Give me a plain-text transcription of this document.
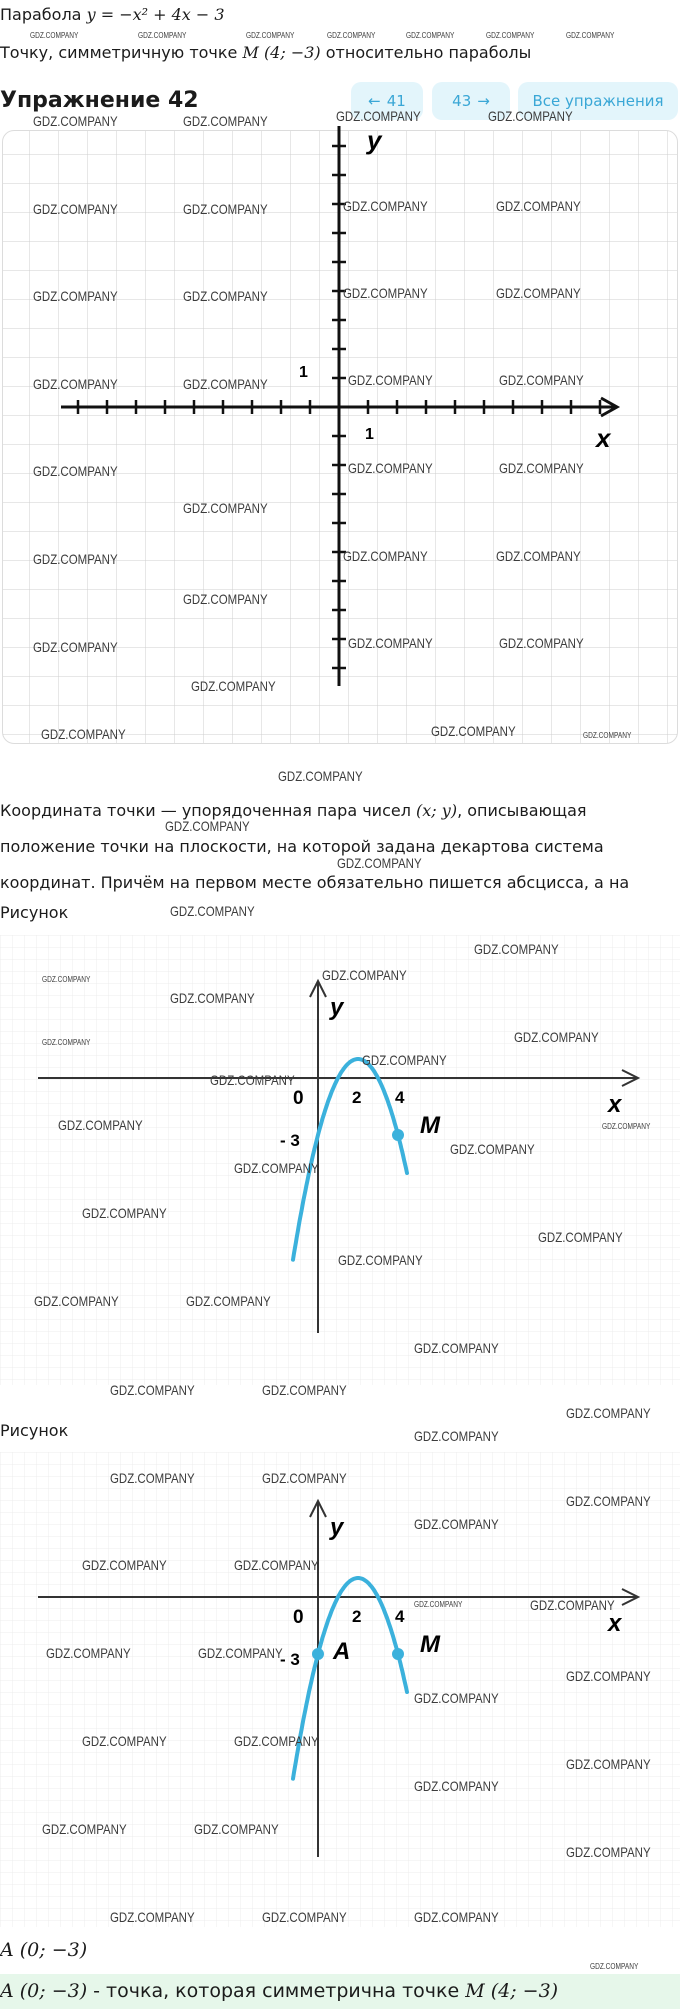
Парабола y = −x² + 4x − 3
GDZ.COMPANY	GDZ.COMPANY	GDZ.COMPANY	GDZ.COMPANY	GDZ.COMPANY	GDZ.COMPANY	GDZ.COMPANY
Точку, симметричную точке M (4; −3) относительно параболы
Упражнение 42	← 41	43 →	Все упражнения
1
1	x
y
GDZ.COMPANY	GDZ.COMPANY	GDZ.COMPANY	GDZ.COMPANY
GDZ.COMPANY	GDZ.COMPANY	GDZ.COMPANY	GDZ.COMPANY
GDZ.COMPANY	GDZ.COMPANY	GDZ.COMPANY	GDZ.COMPANY
GDZ.COMPANY	GDZ.COMPANY	GDZ.COMPANY	GDZ.COMPANY
GDZ.COMPANY	GDZ.COMPANY	GDZ.COMPANY
GDZ.COMPANY
GDZ.COMPANY	GDZ.COMPANY	GDZ.COMPANY
GDZ.COMPANY
GDZ.COMPANY	GDZ.COMPANY	GDZ.COMPANY
GDZ.COMPANY
GDZ.COMPANY	GDZ.COMPANY	GDZ.COMPANY
GDZ.COMPANY
Координата точки — упорядоченная пара чисел (x; y), описывающая
положение точки на плоскости, на которой задана декартова система
координат. Причём на первом месте обязательно пишется абсцисса, а на
GDZ.COMPANY
GDZ.COMPANY
Рисунок	GDZ.COMPANY
0	2 4
- 3
M
x
y
GDZ.COMPANY
GDZ.COMPANY
GDZ.COMPANY
GDZ.COMPANY
GDZ.COMPANY
GDZ.COMPANY
GDZ.COMPANY
GDZ.COMPANY
GDZ.COMPANY
GDZ.COMPANY
GDZ.COMPANY
GDZ.COMPANY
GDZ.COMPANY
GDZ.COMPANY
GDZ.COMPANY
GDZ.COMPANY	GDZ.COMPANY
GDZ.COMPANY
GDZ.COMPANY	GDZ.COMPANY
GDZ.COMPANY
Рисунок	GDZ.COMPANY
0	2 4
- 3 A	M
x
y
GDZ.COMPANY	GDZ.COMPANY
GDZ.COMPANY
GDZ.COMPANY
GDZ.COMPANY	GDZ.COMPANY
GDZ.COMPANY	GDZ.COMPANY
GDZ.COMPANY	GDZ.COMPANY
GDZ.COMPANY
GDZ.COMPANY
GDZ.COMPANY	GDZ.COMPANY
GDZ.COMPANY
GDZ.COMPANY
GDZ.COMPANY	GDZ.COMPANY
GDZ.COMPANY
GDZ.COMPANY	GDZ.COMPANY	GDZ.COMPANY
A (0; −3)
GDZ.COMPANY
A (0; −3) - точка, которая симметрична точке M (4; −3)
